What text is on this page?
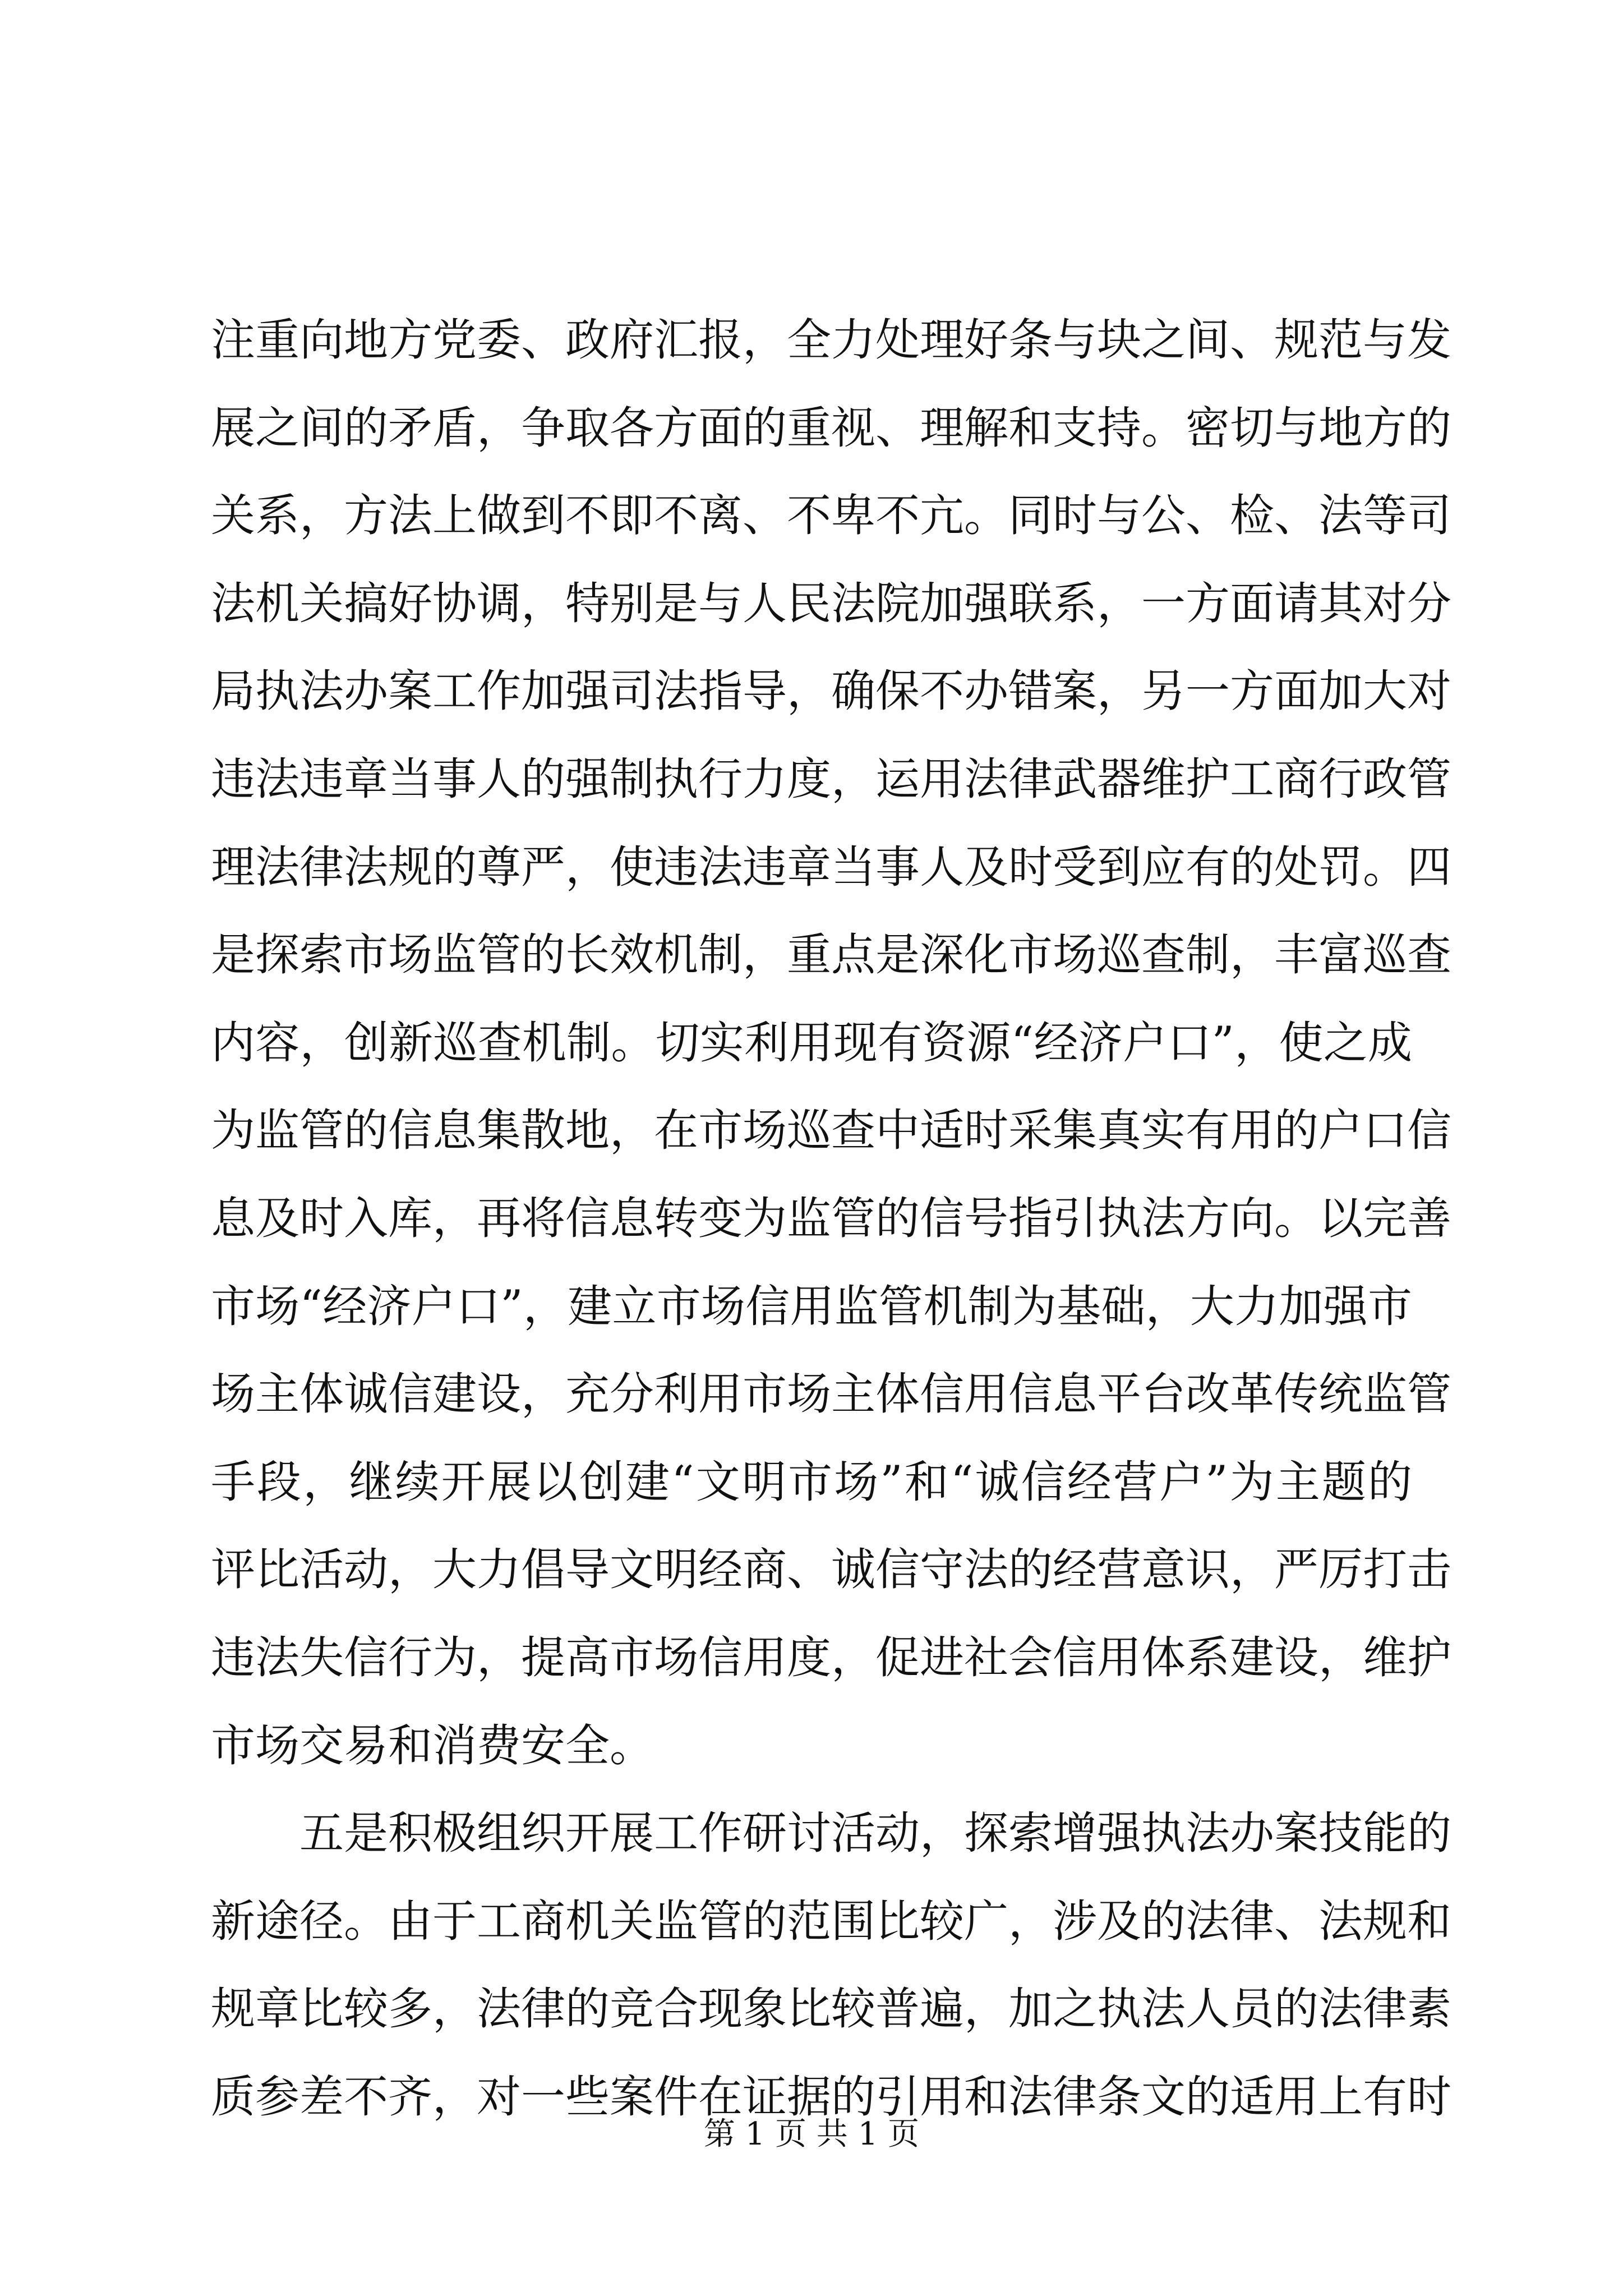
注重向地方党委、政府汇报，全力处理好条与块之间、规范与发
展之间的矛盾，争取各方面的重视、理解和支持。密切与地方的
关系，方法上做到不即不离、不卑不亢。同时与公、检、法等司
法机关搞好协调，特别是与人民法院加强联系，一方面请其对分
局执法办案工作加强司法指导，确保不办错案，另一方面加大对
违法违章当事人的强制执行力度，运用法律武器维护工商行政管
理法律法规的尊严，使违法违章当事人及时受到应有的处罚。四
是探索市场监管的长效机制，重点是深化市场巡查制，丰富巡查
内容，创新巡查机制。切实利用现有资源“经济户口”，使之成
为监管的信息集散地，在市场巡查中适时采集真实有用的户口信
息及时入库，再将信息转变为监管的信号指引执法方向。以完善
市场“经济户口”，建立市场信用监管机制为基础，大力加强市
场主体诚信建设，充分利用市场主体信用信息平台改革传统监管
手段，继续开展以创建“文明市场”和“诚信经营户”为主题的
评比活动，大力倡导文明经商、诚信守法的经营意识，严厉打击
违法失信行为，提高市场信用度，促进社会信用体系建设，维护
市场交易和消费安全。
五是积极组织开展工作研讨活动，探索增强执法办案技能的
新途径。由于工商机关监管的范围比较广，涉及的法律、法规和
规章比较多，法律的竞合现象比较普遍，加之执法人员的法律素
质参差不齐，对一些案件在证据的引用和法律条文的适用上有时
第 1 页 共 1 页
